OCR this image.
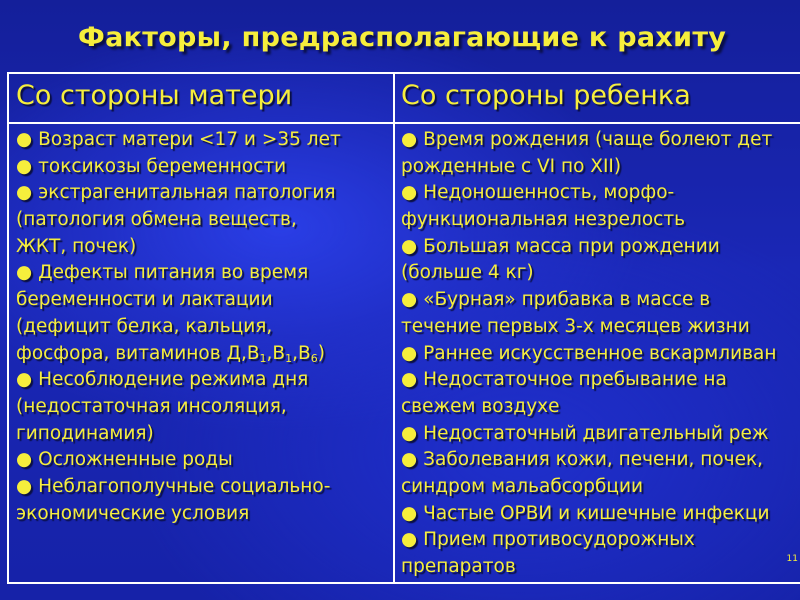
Факторы, предрасполагающие к рахиту
Со стороны матери	Со стороны ребенка
● Возраст матери <17 и >35 лет
● токсикозы беременности
● экстрагенитальная патология
(патология обмена веществ,
ЖКТ, почек)
● Дефекты питания во время
беременности и лактации
(дефицит белка, кальция,
фосфора, витаминов $Д,В_1,В_1,В_6$)
● Несоблюдение режима дня
(недостаточная инсоляция,
гиподинамия)
● Осложненные роды
● Неблагополучные социально-
экономические условия
● Время рождения (чаще болеют дет
рожденные с VI по XII)
● Недоношенность, морфо-
функциональная незрелость
● Большая масса при рождении
(больше 4 кг)
● «Бурная» прибавка в массе в
течение первых 3-х месяцев жизни
● Раннее искусственное вскармливан
● Недостаточное пребывание на
свежем воздухе
● Недостаточный двигательный реж
● Заболевания кожи, печени, почек,
синдром мальабсорбции
● Частые ОРВИ и кишечные инфекци
● Прием противосудорожных
препаратов	11
